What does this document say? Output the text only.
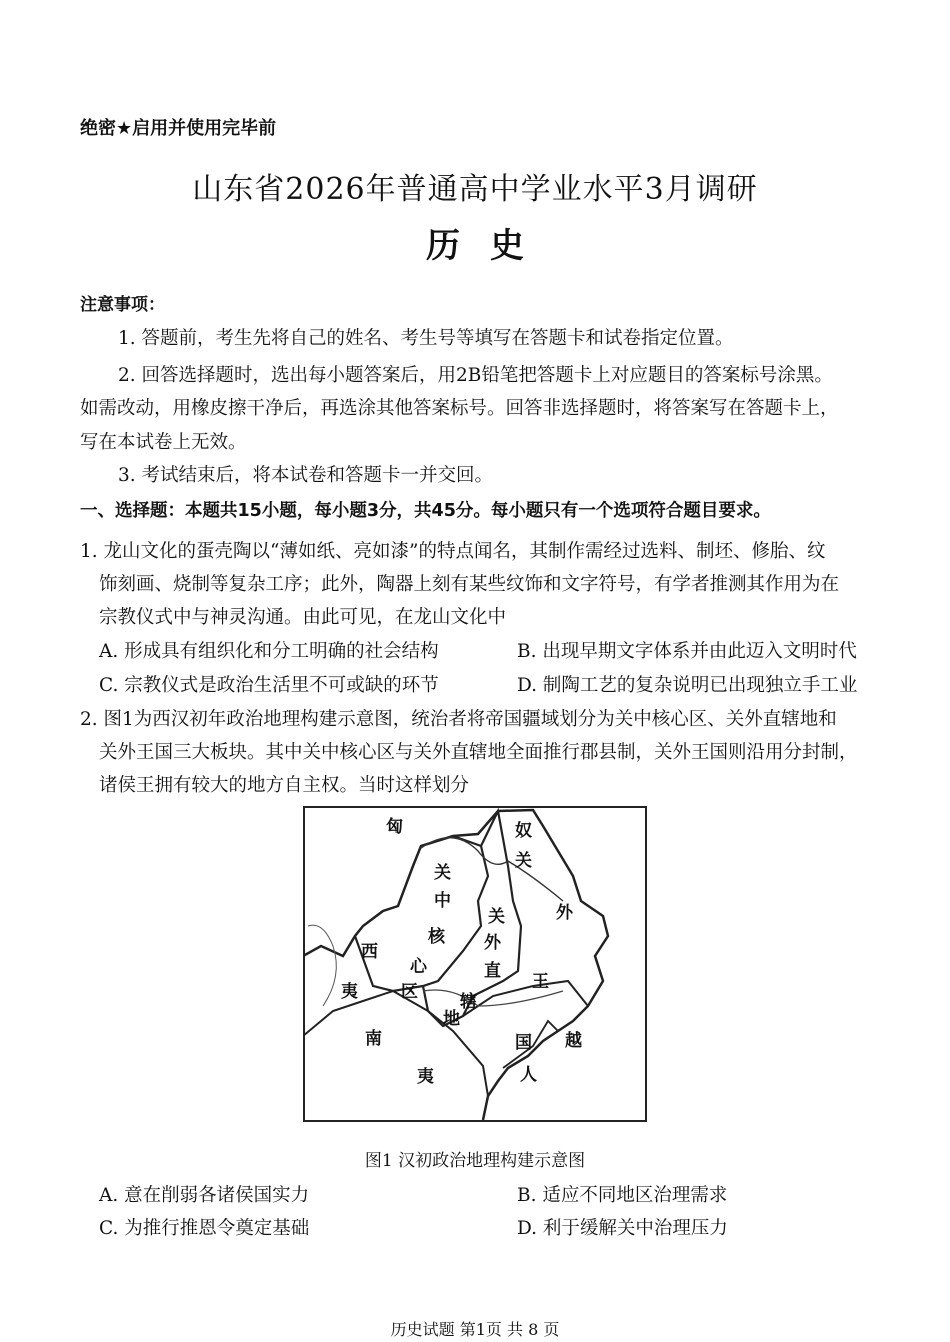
绝密★启用并使用完毕前
山东省2026年普通高中学业水平3月调研
历史
注意事项：
1. 答题前，考生先将自己的姓名、考生号等填写在答题卡和试卷指定位置。
2. 回答选择题时，选出每小题答案后，用2B铅笔把答题卡上对应题目的答案标号涂黑。
如需改动，用橡皮擦干净后，再选涂其他答案标号。回答非选择题时，将答案写在答题卡上，
写在本试卷上无效。
3. 考试结束后，将本试卷和答题卡一并交回。
一、选择题：本题共15小题，每小题3分，共45分。每小题只有一个选项符合题目要求。
1. 龙山文化的蛋壳陶以“薄如纸、亮如漆”的特点闻名，其制作需经过选料、制坯、修胎、纹
饰刻画、烧制等复杂工序；此外，陶器上刻有某些纹饰和文字符号，有学者推测其作用为在
宗教仪式中与神灵沟通。由此可见，在龙山文化中
A. 形成具有组织化和分工明确的社会结构	B. 出现早期文字体系并由此迈入文明时代
C. 宗教仪式是政治生活里不可或缺的环节	D. 制陶工艺的复杂说明已出现独立手工业
2. 图1为西汉初年政治地理构建示意图，统治者将帝国疆域划分为关中核心区、关外直辖地和
关外王国三大板块。其中关中核心区与关外直辖地全面推行郡县制，关外王国则沿用分封制，
诸侯王拥有较大的地方自主权。当时这样划分
匈	奴
关
中
核
心
区
西
夷
关
外
直
辖
地
关
外
王
国
南
夷
越
人
图1 汉初政治地理构建示意图
A. 意在削弱各诸侯国实力	B. 适应不同地区治理需求
C. 为推行推恩令奠定基础	D. 利于缓解关中治理压力
历史试题 第1页 共 8 页
